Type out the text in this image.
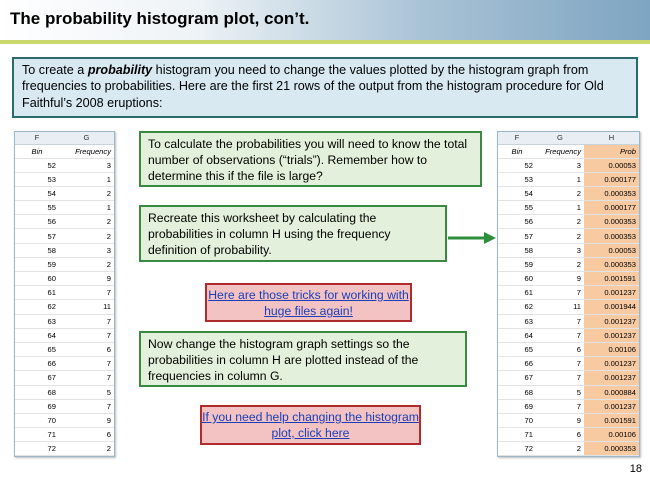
The probability histogram plot, con’t.
To create a probability histogram you need to change the values plotted by the histogram graph from frequencies to probabilities. Here are the first 21 rows of the output from the histogram procedure for Old Faithful’s 2008 eruptions:
F	G
Bin	Frequency
52	3
53	1
54	2
55	1
56	2
57	2
58	3
59	2
60	9
61	7
62	11
63	7
64	7
65	6
66	7
67	7
68	5
69	7
70	9
71	6
72	2
F	G	H
Bin	Frequency	Prob
52	3	0.00053
53	1	0.000177
54	2	0.000353
55	1	0.000177
56	2	0.000353
57	2	0.000353
58	3	0.00053
59	2	0.000353
60	9	0.001591
61	7	0.001237
62	11	0.001944
63	7	0.001237
64	7	0.001237
65	6	0.00106
66	7	0.001237
67	7	0.001237
68	5	0.000884
69	7	0.001237
70	9	0.001591
71	6	0.00106
72	2	0.000353
To calculate the probabilities you will need to know the total number of observations (“trials”). Remember how to determine this if the file is large?
Recreate this worksheet by calculating the probabilities in column H using the frequency definition of probability.
Here are those tricks for working with huge files again!
Now change the histogram graph settings so the probabilities in column H are plotted instead of the frequencies in column G.
If you need help changing the histogram plot, click here
18
